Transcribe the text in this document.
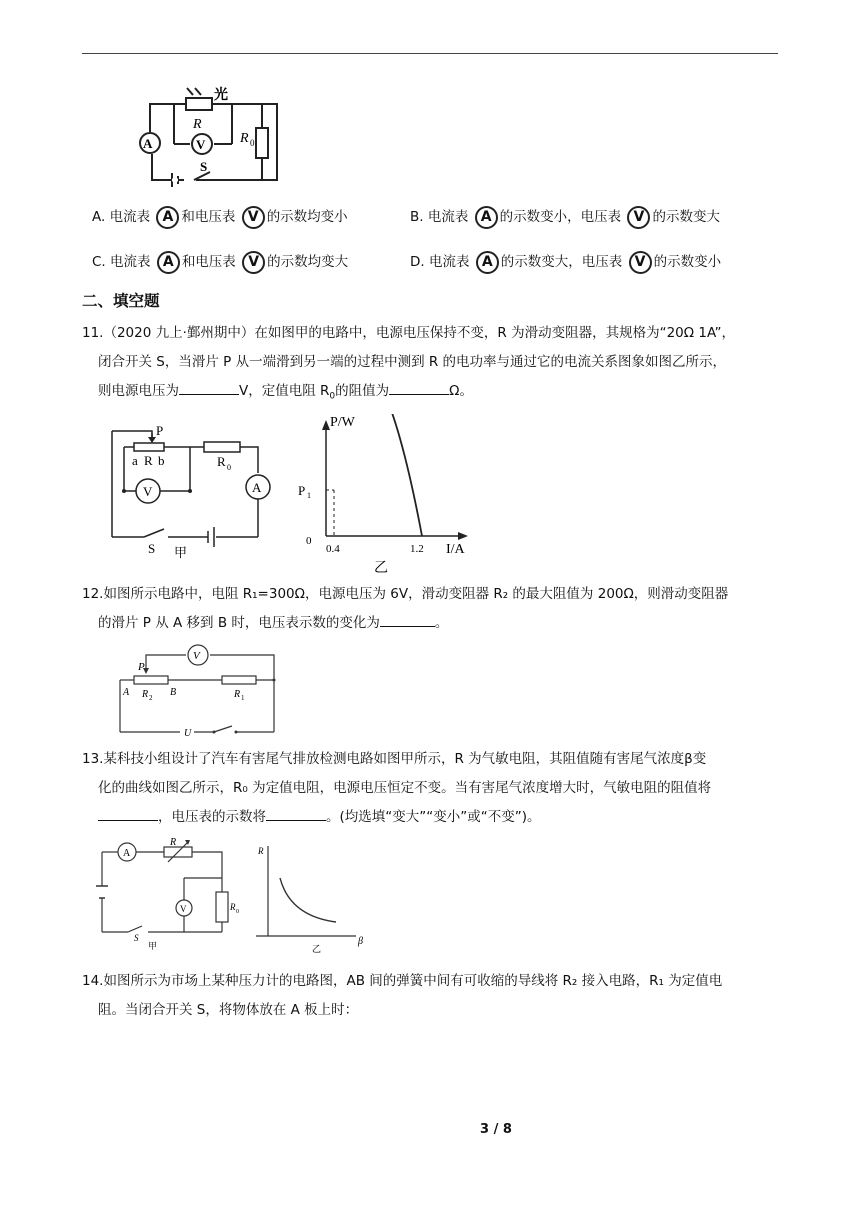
A	V
R
R 0
S
光
A. 电流表 A 和电压表 V 的示数均变小	B. 电流表 A 的示数变小，电压表 V 的示数变大
C. 电流表 A 和电压表 V 的示数均变大	D. 电流表 A 的示数变大，电压表 V 的示数变小
二、填空题
11.（2020 九上·鄞州期中）在如图甲的电路中，电源电压保持不变，R 为滑动变阻器，其规格为“20Ω 1A”，
闭合开关 S，当滑片 P 从一端滑到另一端的过程中测到 R 的电功率与通过它的电流关系图象如图乙所示，
则电源电压为	V，定值电阻 $R_0$的阻值为	Ω。
P
a R b	R 0
V	A
S 甲
P/W
I/A
P 1
0
0.4	1.2
乙
12.如图所示电路中，电阻 R₁=300Ω，电源电压为 6V，滑动变阻器 R₂ 的最大阻值为 200Ω，则滑动变阻器
的滑片 P 从 A 移到 B 时，电压表示数的变化为	。
V
P
A R 2 B	R 1
U
13.某科技小组设计了汽车有害尾气排放检测电路如图甲所示，R 为气敏电阻，其阻值随有害尾气浓度β变
化的曲线如图乙所示，R₀ 为定值电阻，电源电压恒定不变。当有害尾气浓度增大时，气敏电阻的阻值将
，电压表的示数将	。(均选填“变大”“变小”或“不变”)。
A
R
V	R 0
S
甲
R
乙
β
14.如图所示为市场上某种压力计的电路图，AB 间的弹簧中间有可收缩的导线将 R₂ 接入电路，R₁ 为定值电
阻。当闭合开关 S，将物体放在 A 板上时：
3 / 8
